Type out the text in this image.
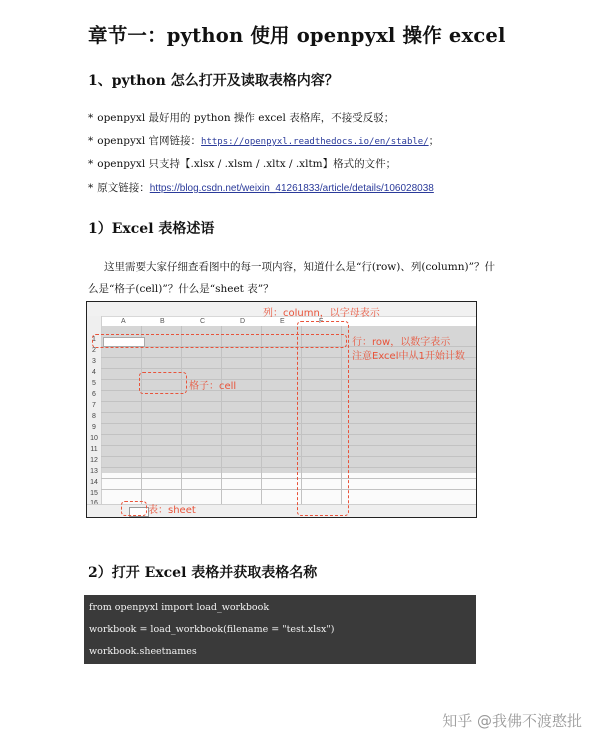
章节一：python 使用 openpyxl 操作 excel
1、python 怎么打开及读取表格内容？
* openpyxl 最好用的 python 操作 excel 表格库，不接受反驳；
* openpyxl 官网链接：https://openpyxl.readthedocs.io/en/stable/；
* openpyxl 只支持【.xlsx / .xlsm / .xltx / .xltm】格式的文件；
* 原文链接：https://blog.csdn.net/weixin_41261833/article/details/106028038
1）Excel 表格述语
这里需要大家仔细查看图中的每一项内容，知道什么是“行(row)、列(column)”？什
么是“格子(cell)”？什么是“sheet 表”？
A	B	C	D	E	F
1
2
3
4
5
6
7
8
9
10
11
12
13
14
15
列：column，以字母表示
行：row，以数字表示
注意Excel中从1开始计数
格子：cell
表：sheet
2）打开 Excel 表格并获取表格名称
from openpyxl import load_workbook
workbook = load_workbook(filename = "test.xlsx")
workbook.sheetnames
知乎 @我佛不渡憨批
